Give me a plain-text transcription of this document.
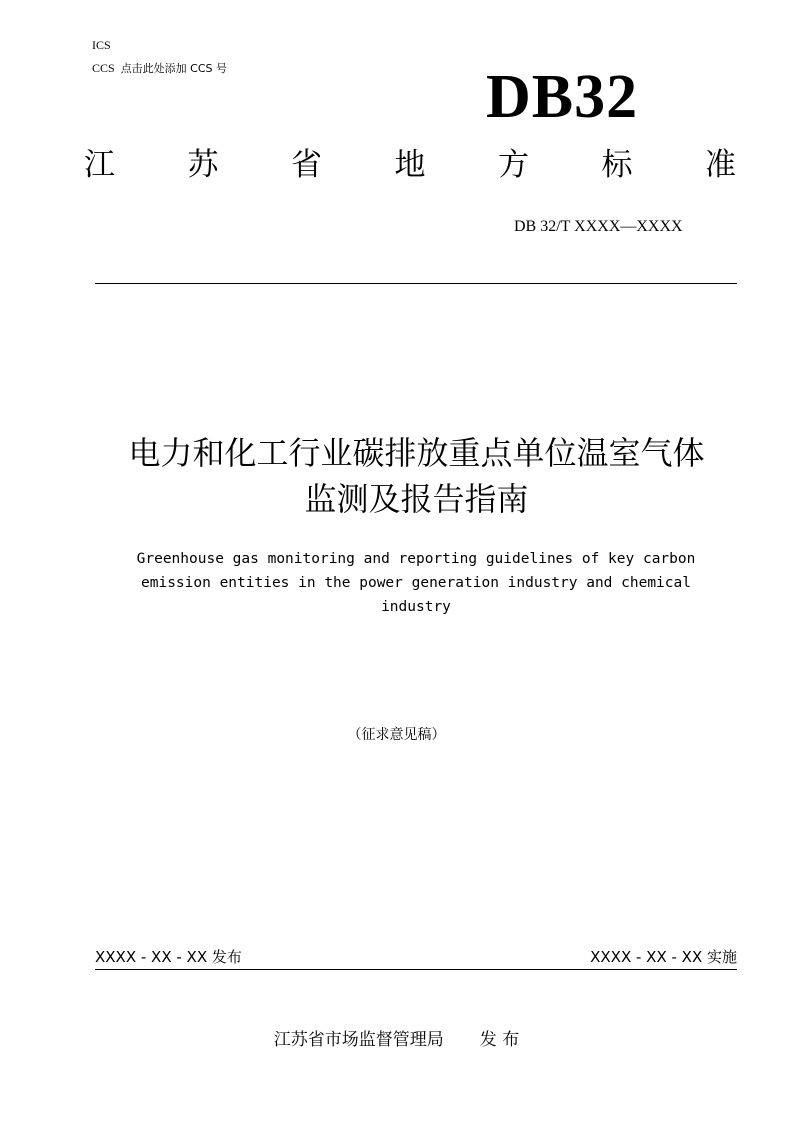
ICS
CCS 点击此处添加 CCS 号	DB32
江 苏 省 地 方 标 准
DB 32/T XXXX—XXXX
电力和化工行业碳排放重点单位温室气体
监测及报告指南
Greenhouse gas monitoring and reporting guidelines of key carbon
emission entities in the power generation industry and chemical
industry
（征求意见稿）
XXXX - XX - XX 发布	XXXX - XX - XX 实施
江苏省市场监督管理局 发 布
